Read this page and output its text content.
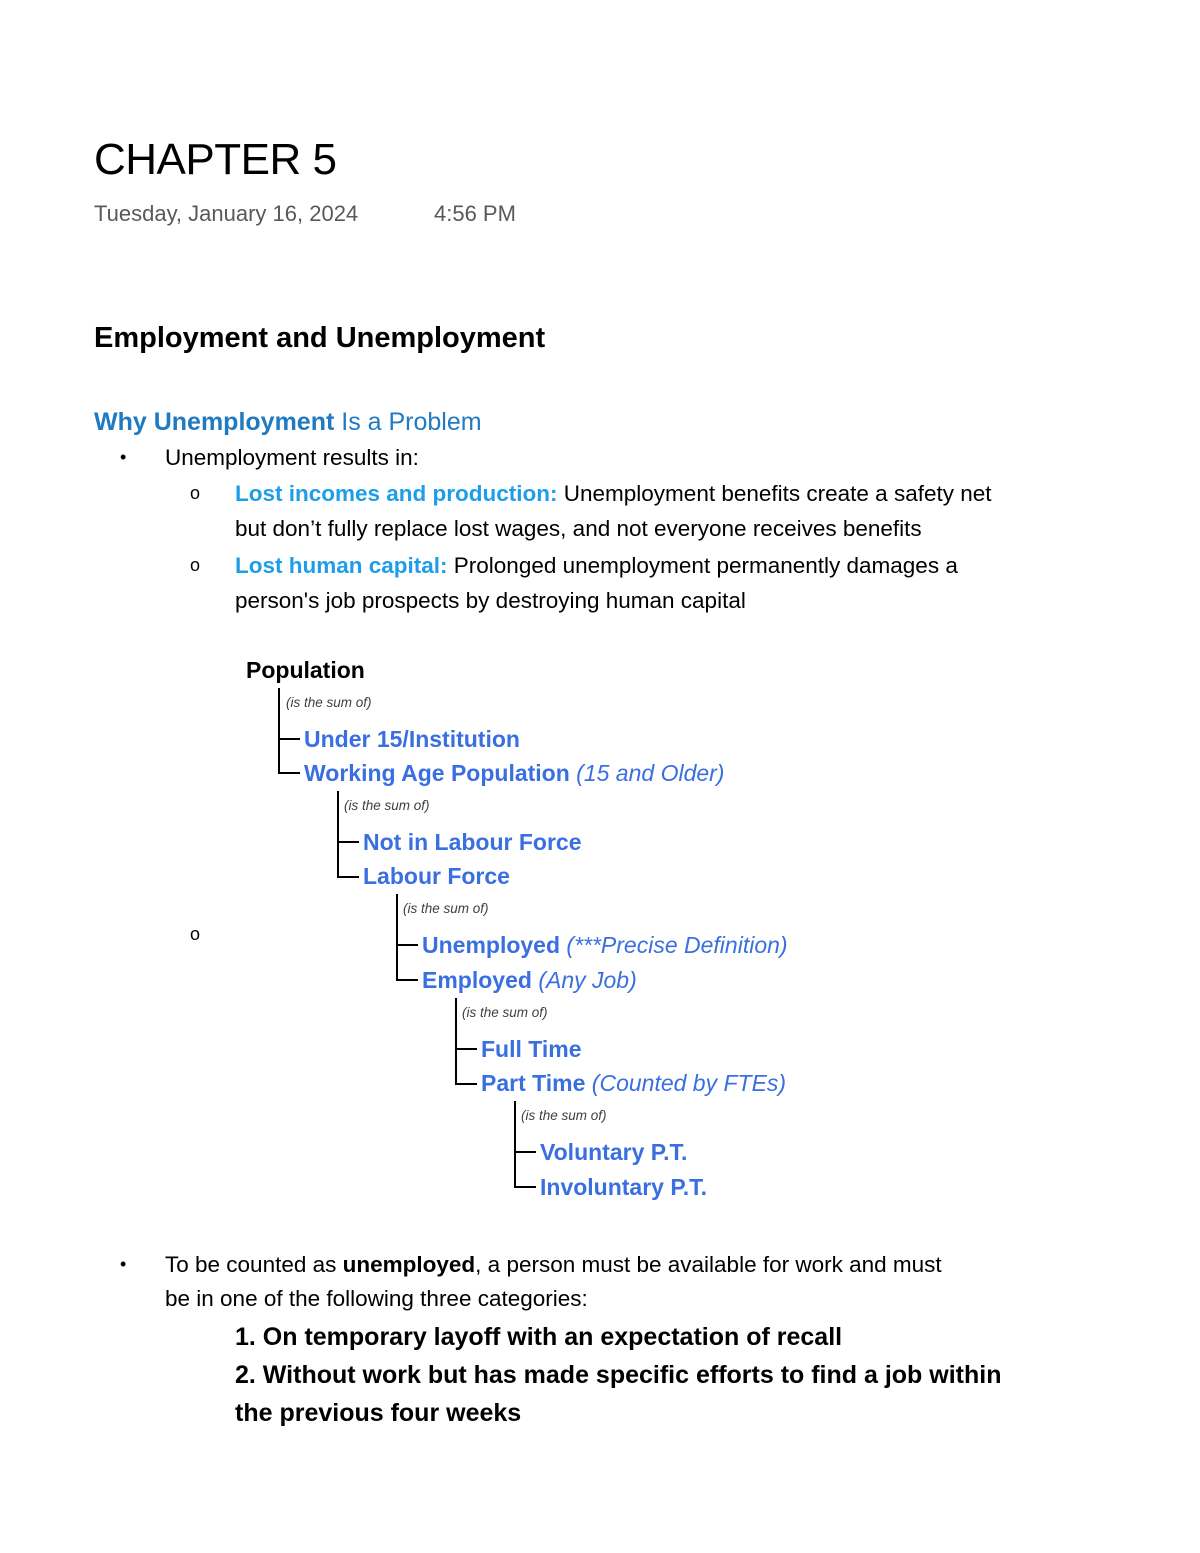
CHAPTER 5
Tuesday, January 16, 2024	4:56 PM
Employment and Unemployment
Why Unemployment Is a Problem
• Unemployment results in:
o Lost incomes and production: Unemployment benefits create a safety net
but don’t fully replace lost wages, and not everyone receives benefits
o Lost human capital: Prolonged unemployment permanently damages a
person's job prospects by destroying human capital
o
Population
(is the sum of)
Under 15/Institution
Working Age Population (15 and Older)
(is the sum of)
Not in Labour Force
Labour Force
(is the sum of)
Unemployed (***Precise Definition)
Employed (Any Job)
(is the sum of)
Full Time
Part Time (Counted by FTEs)
(is the sum of)
Voluntary P.T.
Involuntary P.T.
• To be counted as unemployed, a person must be available for work and must
be in one of the following three categories:
1. On temporary layoff with an expectation of recall
2. Without work but has made specific efforts to find a job within
the previous four weeks
